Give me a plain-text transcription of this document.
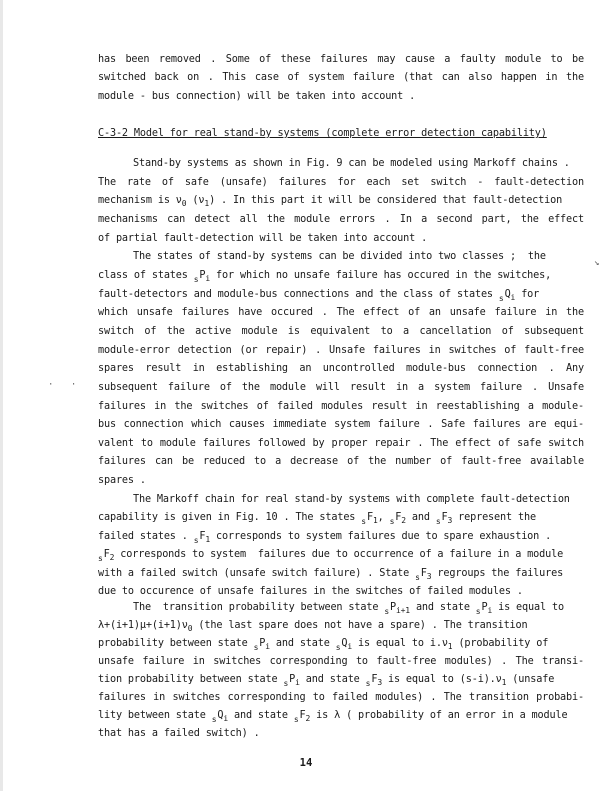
has been removed . Some of these failures may cause a faulty module to be
switched back on . This case of system failure (that can also happen in the
module - bus connection) will be taken into account .
C-3-2 Model for real stand-by systems (complete error detection capability)
Stand-by systems as shown in Fig. 9 can be modeled using Markoff chains .
The rate of safe (unsafe) failures for each set switch - fault-detection
mechanism is $\nu_0$ $(\nu_1)$ . In this part it will be considered that fault-detection
mechanisms can detect all the module errors . In a second part, the effect
of partial fault-detection will be taken into account .
The states of stand-by systems can be divided into two classes ;  the
class of states $_sP_i$ for which no unsafe failure has occured in the switches,
fault-detectors and module-bus connections and the class of states $_sQ_i$ for
which unsafe failures have occured . The effect of an unsafe failure in the
switch of the active module is equivalent to a cancellation of subsequent
module-error detection (or repair) . Unsafe failures in switches of fault-free
spares result in establishing an uncontrolled module-bus connection . Any
subsequent failure of the module will result in a system failure . Unsafe
failures in the switches of failed modules result in reestablishing a module-
bus connection which causes immediate system failure . Safe failures are equi-
valent to module failures followed by proper repair . The effect of safe switch
failures can be reduced to a decrease of the number of fault-free available
spares .
The Markoff chain for real stand-by systems with complete fault-detection
capability is given in Fig. 10 . The states $_sF_1$, $_sF_2$ and $_sF_3$ represent the
failed states . $_sF_1$ corresponds to system failures due to spare exhaustion .
$_sF_2$ corresponds to system  failures due to occurrence of a failure in a module
with a failed switch (unsafe switch failure) . State $_sF_3$ regroups the failures
due to occurence of unsafe failures in the switches of failed modules .
The  transition probability between state $_sP_{i+1}$ and state $_sP_i$ is equal to
$\lambda+(i+1)\mu+(i+1)\nu_0$ (the last spare does not have a spare) . The transition
probability between state $_sP_i$ and state $_sQ_i$ is equal to $i.\nu_1$ (probability of
unsafe failure in switches corresponding to fault-free modules) . The transi-
tion probability between state $_sP_i$ and state $_sF_3$ is equal to $(s-i).\nu_1$ (unsafe
failures in switches corresponding to failed modules) . The transition probabi-
lity between state $_sQ_i$ and state $_sF_2$ is λ ( probability of an error in a module
that has a failed switch) .
↘
· ·
14
